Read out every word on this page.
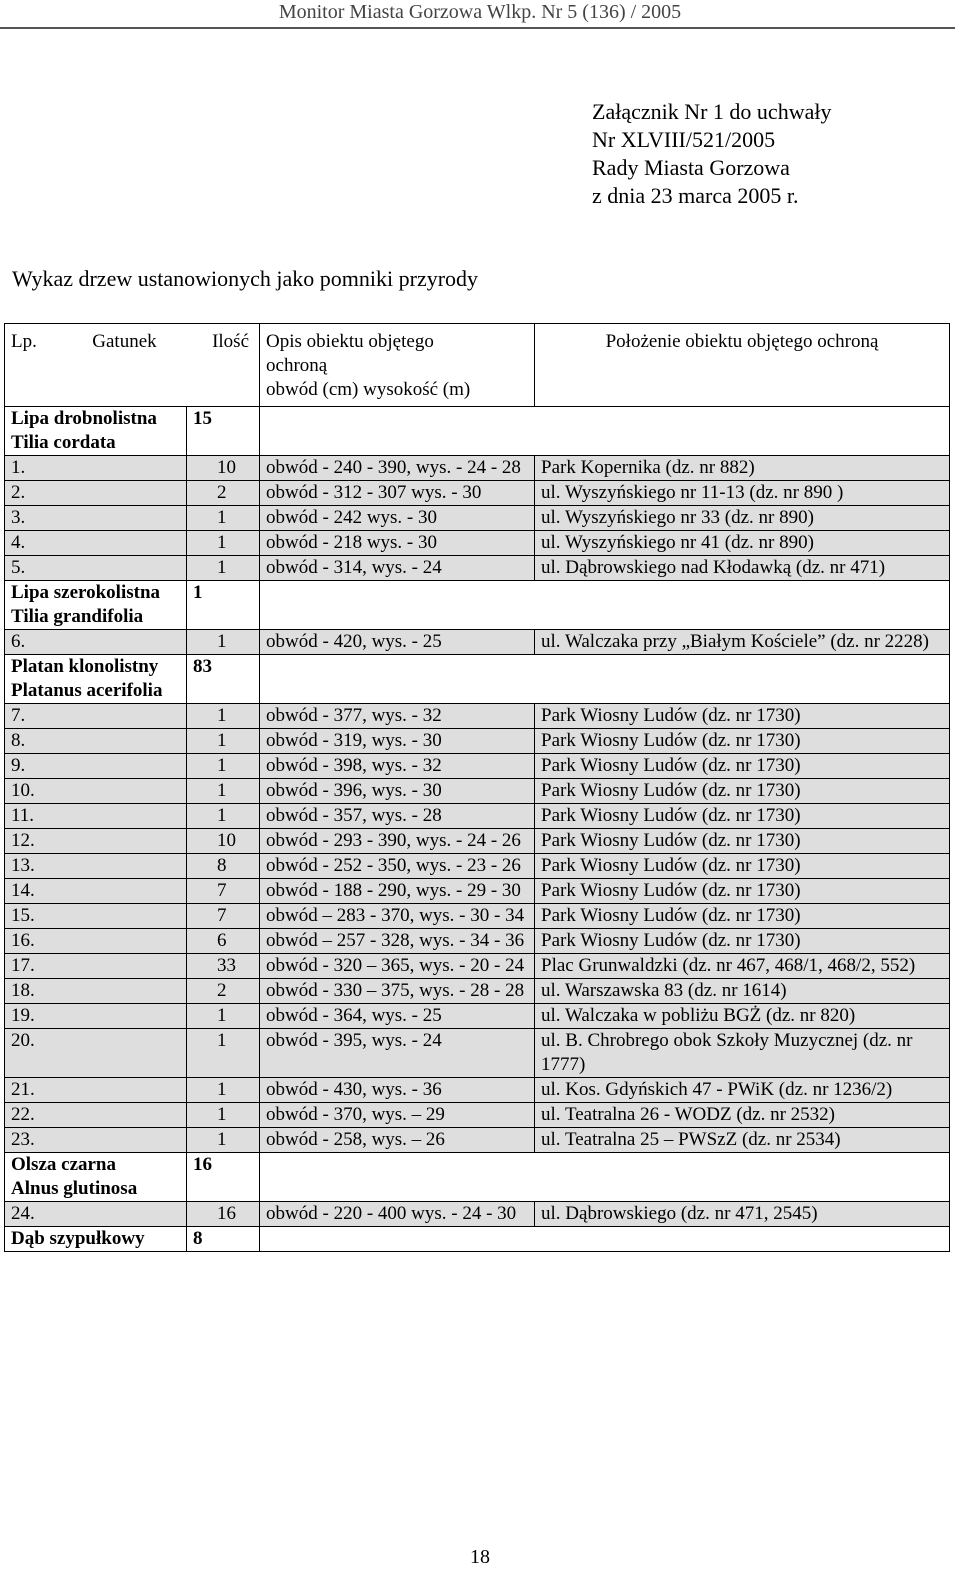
Monitor Miasta Gorzowa Wlkp. Nr 5 (136) / 2005
Załącznik Nr 1 do uchwały
Nr XLVIII/521/2005
Rady Miasta Gorzowa
z dnia 23 marca 2005 r.
Wykaz drzew ustanowionych jako pomniki przyrody
Lp. Gatunek Ilość		Opis obiektu objętego
ochroną
obwód (cm) wysokość (m)	Położenie obiektu objętego ochroną

Lipa drobnolistna
Tilia cordata	15		
1.	10	obwód - 240 - 390, wys. - 24 - 28	Park Kopernika (dz. nr 882)
2.	2	obwód - 312 - 307 wys. - 30	ul. Wyszyńskiego nr 11-13 (dz. nr 890 )
3.	1	obwód - 242 wys. - 30	ul. Wyszyńskiego nr 33 (dz. nr 890)
4.	1	obwód - 218 wys. - 30	ul. Wyszyńskiego nr 41 (dz. nr 890)
5.	1	obwód - 314, wys. - 24	ul. Dąbrowskiego nad Kłodawką (dz. nr 471)

Lipa szerokolistna
Tilia grandifolia	1		
6.	1	obwód - 420, wys. - 25	ul. Walczaka przy „Białym Kościele” (dz. nr 2228)

Platan klonolistny
Platanus acerifolia	83		
7.	1	obwód - 377, wys. - 32	Park Wiosny Ludów (dz. nr 1730)
8.	1	obwód - 319, wys. - 30	Park Wiosny Ludów (dz. nr 1730)
9.	1	obwód - 398, wys. - 32	Park Wiosny Ludów (dz. nr 1730)
10.	1	obwód - 396, wys. - 30	Park Wiosny Ludów (dz. nr 1730)
11.	1	obwód - 357, wys. - 28	Park Wiosny Ludów (dz. nr 1730)
12.	10	obwód - 293 - 390, wys. - 24 - 26	Park Wiosny Ludów (dz. nr 1730)
13.	8	obwód - 252 - 350, wys. - 23 - 26	Park Wiosny Ludów (dz. nr 1730)
14.	7	obwód - 188 - 290, wys. - 29 - 30	Park Wiosny Ludów (dz. nr 1730)
15.	7	obwód – 283 - 370, wys. - 30 - 34	Park Wiosny Ludów (dz. nr 1730)
16.	6	obwód – 257 - 328, wys. - 34 - 36	Park Wiosny Ludów (dz. nr 1730)
17.	33	obwód - 320 – 365, wys. - 20 - 24	Plac Grunwaldzki (dz. nr 467, 468/1, 468/2, 552)
18.	2	obwód - 330 – 375, wys. - 28 - 28	ul. Warszawska 83 (dz. nr 1614)
19.	1	obwód - 364, wys. - 25	ul. Walczaka w pobliżu BGŻ (dz. nr 820)
20.	1	obwód - 395, wys. - 24	ul. B. Chrobrego obok Szkoły Muzycznej (dz. nr 1777)
21.	1	obwód - 430, wys. - 36	ul. Kos. Gdyńskich 47 - PWiK (dz. nr 1236/2)
22.	1	obwód - 370, wys. – 29	ul. Teatralna 26 - WODZ (dz. nr 2532)
23.	1	obwód - 258, wys. – 26	ul. Teatralna 25 – PWSzZ (dz. nr 2534)

Olsza czarna
Alnus glutinosa	16		
24.	16	obwód - 220 - 400 wys. - 24 - 30	ul. Dąbrowskiego (dz. nr 471, 2545)

Dąb szypułkowy	8		
18
